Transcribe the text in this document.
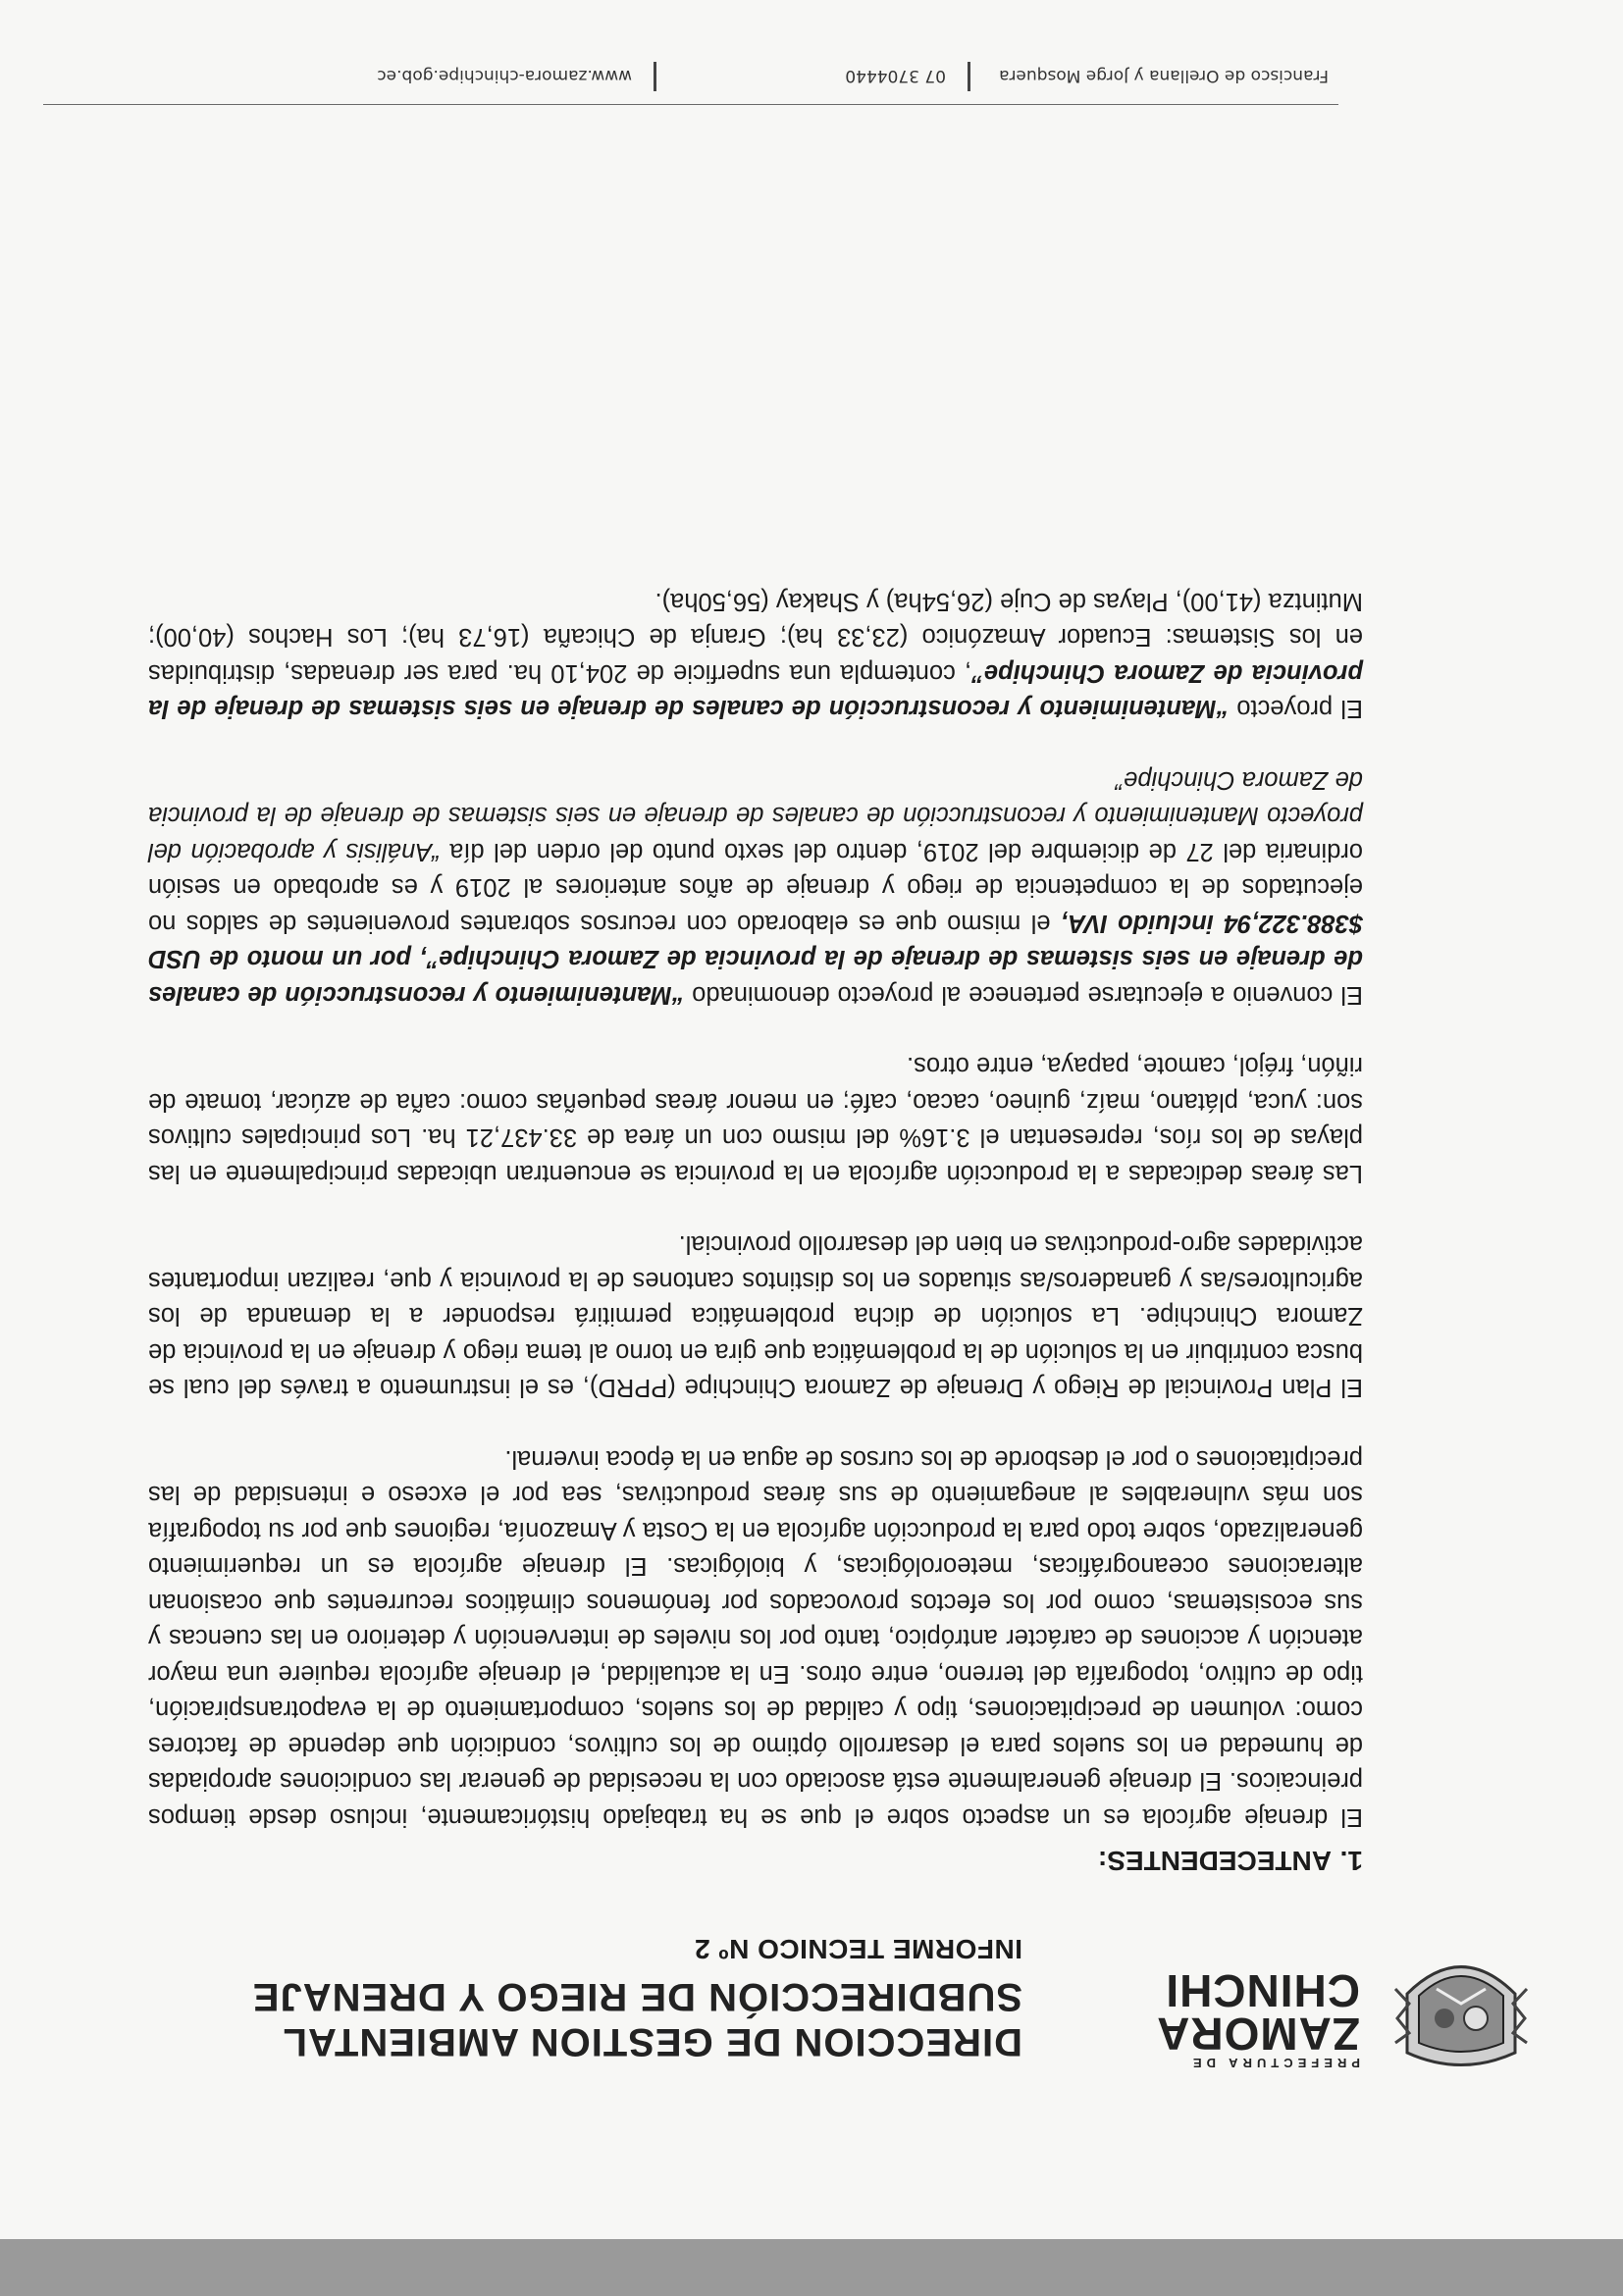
PREFECTURA DE
ZAMORA
CHINCHI
DIRECCION DE GESTION AMBIENTAL
SUBDIRECCIÓN DE RIEGO Y DRENAJE
INFORME TECNICO Nº 2
1.ANTECEDENTES:

El drenaje agrícola es un aspecto sobre el que se ha trabajado históricamente, incluso desde tiempos preincaicos. El drenaje generalmente está asociado con la necesidad de generar las condiciones apropiadas de humedad en los suelos para el desarrollo óptimo de los cultivos, condición que depende de factores como: volumen de precipitaciones, tipo y calidad de los suelos, comportamiento de la evapotranspiración, tipo de cultivo, topografía del terreno, entre otros. En la actualidad, el drenaje agrícola requiere una mayor atención y acciones de carácter antrópico, tanto por los niveles de intervención y deterioro en las cuencas y sus ecosistemas, como por los efectos provocados por fenómenos climáticos recurrentes que ocasionan alteraciones oceanográficas, meteorológicas, y biológicas. El drenaje agrícola es un requerimiento generalizado, sobre todo para la producción agrícola en la Costa y Amazonía, regiones que por su topografía son más vulnerables al anegamiento de sus áreas productivas, sea por el exceso e intensidad de las precipitaciones o por el desborde de los cursos de agua en la época invernal.

El Plan Provincial de Riego y Drenaje de Zamora Chinchipe (PPRD), es el instrumento a través del cual se busca contribuir en la solución de la problemática que gira en torno al tema riego y drenaje en la provincia de Zamora Chinchipe. La solución de dicha problemática permitirá responder a la demanda de los agricultores/as y ganaderos/as situados en los distintos cantones de la provincia y que, realizan importantes actividades agro-productivas en bien del desarrollo provincial.

Las áreas dedicadas a la producción agrícola en la provincia se encuentran ubicadas principalmente en las playas de los ríos, representan el 3.16% del mismo con un área de 33.437,21 ha. Los principales cultivos son: yuca, plátano, maíz, guineo, cacao, café; en menor áreas pequeñas como: caña de azúcar, tomate de riñón, fréjol, camote, papaya, entre otros.

El convenio a ejecutarse pertenece al proyecto denominado “Mantenimiento y reconstrucción de canales de drenaje en seis sistemas de drenaje de la provincia de Zamora Chinchipe”, por un monto de USD $388.322,94 incluido IVA, el mismo que es elaborado con recursos sobrantes provenientes de saldos no ejecutados de la competencia de riego y drenaje de años anteriores al 2019 y es aprobado en sesión ordinaria del 27 de diciembre del 2019, dentro del sexto punto del orden del día “Análisis y aprobación del proyecto Mantenimiento y reconstrucción de canales de drenaje en seis sistemas de drenaje de la provincia de Zamora Chinchipe”

El proyecto “Mantenimiento y reconstrucción de canales de drenaje en seis sistemas de drenaje de la provincia de Zamora Chinchipe”, contempla una superficie de 204,10 ha. para ser drenadas, distribuidas en los Sistemas: Ecuador Amazónico (23,33 ha); Granja de Chicaña (16,73 ha); Los Hachos (40,00); Mutintza (41,00), Playas de Cuje (26,54ha) y Shakay (56,50ha).

Francisco de Orellana y Jorge Mosquera
07 3704440
www.zamora-chinchipe.gob.ec
